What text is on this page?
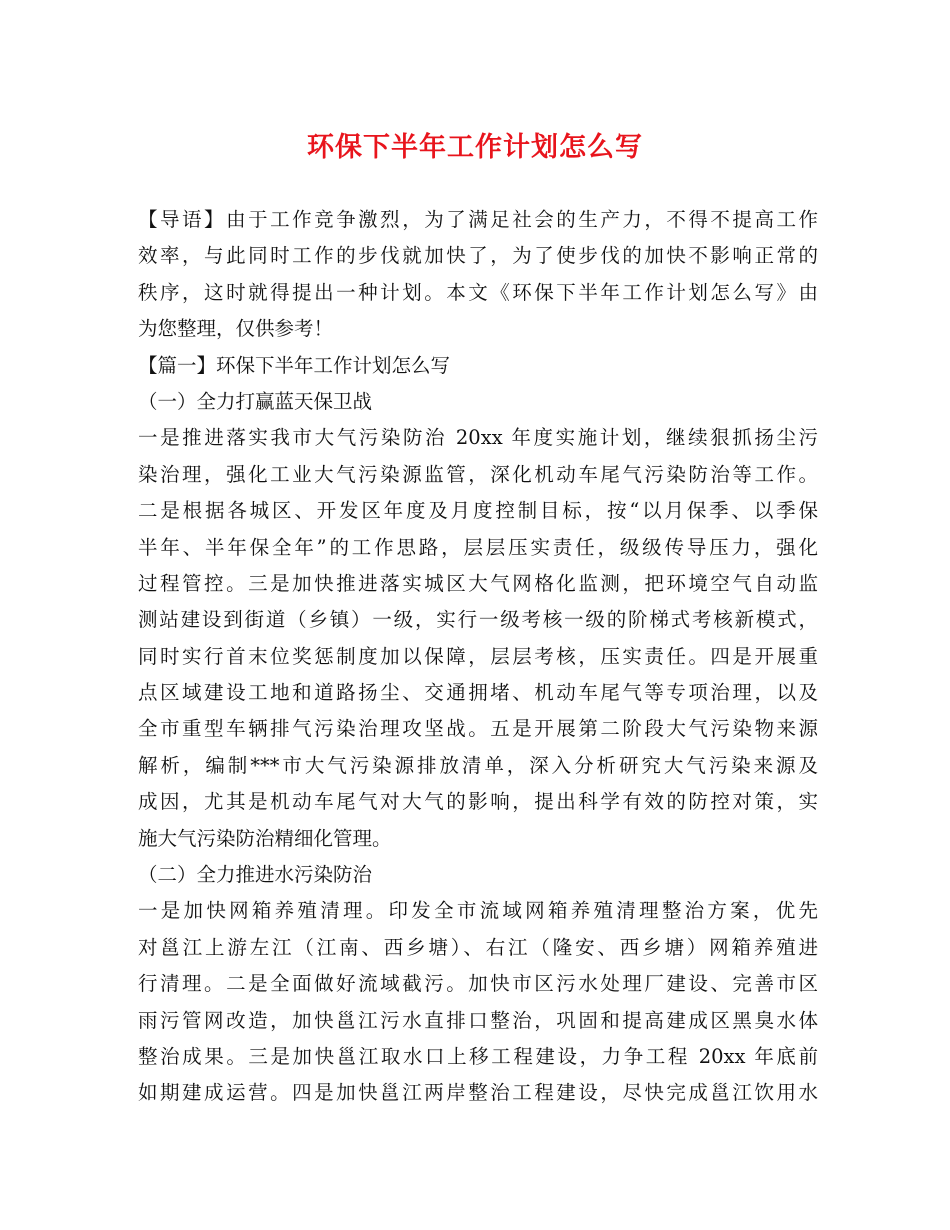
环保下半年工作计划怎么写
【导语】由于工作竞争激烈，为了满足社会的生产力，不得不提高工作
效率，与此同时工作的步伐就加快了，为了使步伐的加快不影响正常的
秩序，这时就得提出一种计划。本文《环保下半年工作计划怎么写》由
为您整理，仅供参考！
【篇一】环保下半年工作计划怎么写
（一）全力打赢蓝天保卫战
一是推进落实我市大气污染防治 20xx 年度实施计划，继续狠抓扬尘污
染治理，强化工业大气污染源监管，深化机动车尾气污染防治等工作。
二是根据各城区、开发区年度及月度控制目标，按“以月保季、以季保
半年、半年保全年”的工作思路，层层压实责任，级级传导压力，强化
过程管控。三是加快推进落实城区大气网格化监测，把环境空气自动监
测站建设到街道（乡镇）一级，实行一级考核一级的阶梯式考核新模式，
同时实行首末位奖惩制度加以保障，层层考核，压实责任。四是开展重
点区域建设工地和道路扬尘、交通拥堵、机动车尾气等专项治理，以及
全市重型车辆排气污染治理攻坚战。五是开展第二阶段大气污染物来源
解析，编制***市大气污染源排放清单，深入分析研究大气污染来源及
成因，尤其是机动车尾气对大气的影响，提出科学有效的防控对策，实
施大气污染防治精细化管理。
（二）全力推进水污染防治
一是加快网箱养殖清理。印发全市流域网箱养殖清理整治方案，优先
对邕江上游左江（江南、西乡塘）、右江（隆安、西乡塘）网箱养殖进
行清理。二是全面做好流域截污。加快市区污水处理厂建设、完善市区
雨污管网改造，加快邕江污水直排口整治，巩固和提高建成区黑臭水体
整治成果。三是加快邕江取水口上移工程建设，力争工程 20xx 年底前
如期建成运营。四是加快邕江两岸整治工程建设，尽快完成邕江饮用水
